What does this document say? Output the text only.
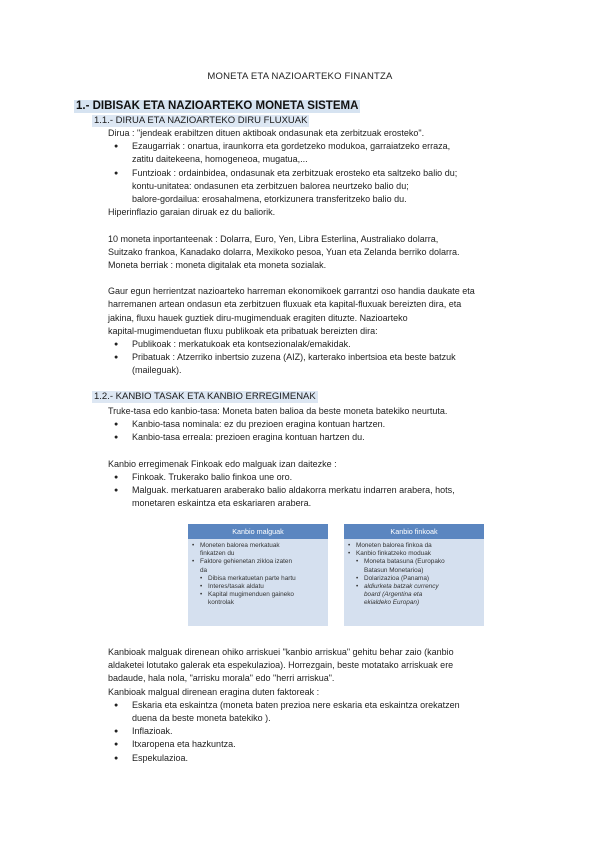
MONETA ETA NAZIOARTEKO FINANTZA
1.- DIBISAK ETA NAZIOARTEKO MONETA SISTEMA
1.1.- DIRUA ETA NAZIOARTEKO DIRU FLUXUAK
Dirua : "jendeak erabiltzen dituen aktiboak ondasunak eta zerbitzuak erosteko".
● Ezaugarriak : onartua, iraunkorra eta gordetzeko modukoa, garraiatzeko erraza,
zatitu daitekeena, homogeneoa, mugatua,...
● Funtzioak : ordainbidea, ondasunak eta zerbitzuak erosteko eta saltzeko balio du;
kontu-unitatea: ondasunen eta zerbitzuen balorea neurtzeko balio du;
balore-gordailua: erosahalmena, etorkizunera transferitzeko balio du.
Hiperinflazio garaian diruak ez du baliorik.
10 moneta inportanteenak : Dolarra, Euro, Yen, Libra Esterlina, Australiako dolarra,
Suitzako frankoa, Kanadako dolarra, Mexikoko pesoa, Yuan eta Zelanda berriko dolarra.
Moneta berriak : moneta digitalak eta moneta sozialak.
Gaur egun herrientzat nazioarteko harreman ekonomikoek garrantzi oso handia daukate eta
harremanen artean ondasun eta zerbitzuen fluxuak eta kapital-fluxuak bereizten dira, eta
jakina, fluxu hauek guztiek diru-mugimenduak eragiten dituzte. Nazioarteko
kapital-mugimenduetan fluxu publikoak eta pribatuak bereizten dira:
● Publikoak : merkatukoak eta kontsezionalak/emakidak.
● Pribatuak : Atzerriko inbertsio zuzena (AIZ), karterako inbertsioa eta beste batzuk
(maileguak).
1.2.- KANBIO TASAK ETA KANBIO ERREGIMENAK
Truke-tasa edo kanbio-tasa: Moneta baten balioa da beste moneta batekiko neurtuta.
● Kanbio-tasa nominala: ez du prezioen eragina kontuan hartzen.
● Kanbio-tasa erreala: prezioen eragina kontuan hartzen du.
Kanbio erregimenak Finkoak edo malguak izan daitezke :
● Finkoak. Trukerako balio finkoa une oro.
● Malguak. merkatuaren araberako balio aldakorra merkatu indarren arabera, hots,
monetaren eskaintza eta eskariaren arabera.
Kanbio malguak
• Moneten balorea merkatuak
finkatzen du
• Faktore gehienetan zikloa izaten
da
• Dibisa merkatuetan parte hartu
• Interes/tasak aldatu
• Kapital mugimenduen gaineko
kontrolak
Kanbio finkoak
• Moneten balorea finkoa da
• Kanbio finkatzeko moduak
• Moneta batasuna (Europako
Batasun Monetarioa)
• Dolarizazioa (Panama)
• aldiurketa batzak currency
board (Argentina eta
ekialdeko Europan)
Kanbioak malguak direnean ohiko arriskuei "kanbio arriskua" gehitu behar zaio (kanbio
aldaketei lotutako galerak eta espekulazioa). Horrezgain, beste motatako arriskuak ere
badaude, hala nola, "arrisku morala" edo "herri arriskua".
Kanbioak malgual direnean eragina duten faktoreak :
● Eskaria eta eskaintza (moneta baten prezioa nere eskaria eta eskaintza orekatzen
duena da beste moneta batekiko ).
● Inflazioak.
● Itxaropena eta hazkuntza.
● Espekulazioa.
